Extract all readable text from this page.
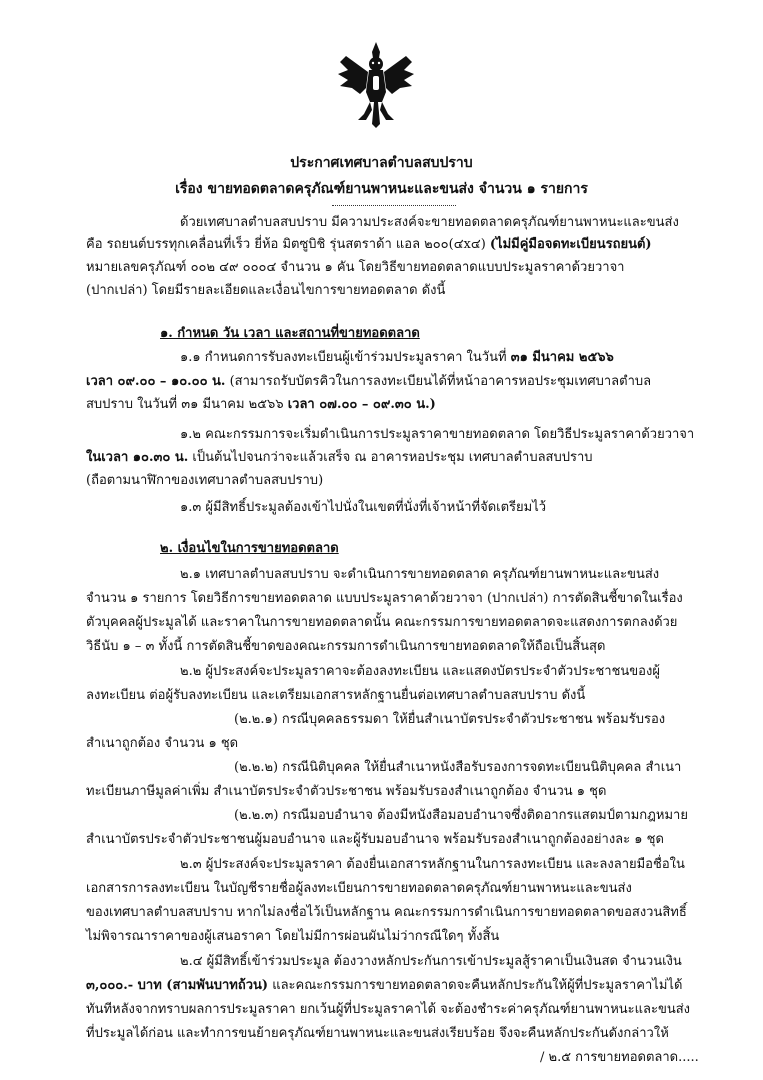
ประกาศเทศบาลตำบลสบปราบ
เรื่อง ขายทอดตลาดครุภัณฑ์ยานพาหนะและขนส่ง จำนวน ๑ รายการ
ด้วยเทศบาลตำบลสบปราบ มีความประสงค์จะขายทอดตลาดครุภัณฑ์ยานพาหนะและขนส่ง
คือ รถยนต์บรรทุกเคลื่อนที่เร็ว ยี่ห้อ มิตซูบิชิ รุ่นสตราด้า แอล ๒๐๐(๔x๔) (ไม่มีคู่มือจดทะเบียนรถยนต์)
หมายเลขครุภัณฑ์ ๐๐๒ ๔๙ ๐๐๐๔ จำนวน ๑ คัน โดยวิธีขายทอดตลาดแบบประมูลราคาด้วยวาจา
(ปากเปล่า) โดยมีรายละเอียดและเงื่อนไขการขายทอดตลาด ดังนี้
๑. กำหนด วัน เวลา และสถานที่ขายทอดตลาด
๑.๑ กำหนดการรับลงทะเบียนผู้เข้าร่วมประมูลราคา ในวันที่ ๓๑ มีนาคม ๒๕๖๖
เวลา ๐๙.๐๐ – ๑๐.๐๐ น. (สามารถรับบัตรคิวในการลงทะเบียนได้ที่หน้าอาคารหอประชุมเทศบาลตำบล
สบปราบ ในวันที่ ๓๑ มีนาคม ๒๕๖๖ เวลา ๐๗.๐๐ – ๐๙.๓๐ น.)
๑.๒ คณะกรรมการจะเริ่มดำเนินการประมูลราคาขายทอดตลาด โดยวิธีประมูลราคาด้วยวาจา
ในเวลา ๑๐.๓๐ น. เป็นต้นไปจนกว่าจะแล้วเสร็จ ณ อาคารหอประชุม เทศบาลตำบลสบปราบ
(ถือตามนาฬิกาของเทศบาลตำบลสบปราบ)
๑.๓ ผู้มีสิทธิ์ประมูลต้องเข้าไปนั่งในเขตที่นั่งที่เจ้าหน้าที่จัดเตรียมไว้
๒. เงื่อนไขในการขายทอดตลาด
๒.๑ เทศบาลตำบลสบปราบ จะดำเนินการขายทอดตลาด ครุภัณฑ์ยานพาหนะและขนส่ง
จำนวน ๑ รายการ โดยวิธีการขายทอดตลาด แบบประมูลราคาด้วยวาจา (ปากเปล่า) การตัดสินชี้ขาดในเรื่อง
ตัวบุคคลผู้ประมูลได้ และราคาในการขายทอดตลาดนั้น คณะกรรมการขายทอดตลาดจะแสดงการตกลงด้วย
วิธีนับ ๑ – ๓ ทั้งนี้ การตัดสินชี้ขาดของคณะกรรมการดำเนินการขายทอดตลาดให้ถือเป็นสิ้นสุด
๒.๒ ผู้ประสงค์จะประมูลราคาจะต้องลงทะเบียน และแสดงบัตรประจำตัวประชาชนของผู้
ลงทะเบียน ต่อผู้รับลงทะเบียน และเตรียมเอกสารหลักฐานยื่นต่อเทศบาลตำบลสบปราบ ดังนี้
(๒.๒.๑) กรณีบุคคลธรรมดา ให้ยื่นสำเนาบัตรประจำตัวประชาชน พร้อมรับรอง
สำเนาถูกต้อง จำนวน ๑ ชุด
(๒.๒.๒) กรณีนิติบุคคล ให้ยื่นสำเนาหนังสือรับรองการจดทะเบียนนิติบุคคล สำเนา
ทะเบียนภาษีมูลค่าเพิ่ม สำเนาบัตรประจำตัวประชาชน พร้อมรับรองสำเนาถูกต้อง จำนวน ๑ ชุด
(๒.๒.๓) กรณีมอบอำนาจ ต้องมีหนังสือมอบอำนาจซึ่งติดอากรแสตมป์ตามกฎหมาย
สำเนาบัตรประจำตัวประชาชนผู้มอบอำนาจ และผู้รับมอบอำนาจ พร้อมรับรองสำเนาถูกต้องอย่างละ ๑ ชุด
๒.๓ ผู้ประสงค์จะประมูลราคา ต้องยื่นเอกสารหลักฐานในการลงทะเบียน และลงลายมือชื่อใน
เอกสารการลงทะเบียน ในบัญชีรายชื่อผู้ลงทะเบียนการขายทอดตลาดครุภัณฑ์ยานพาหนะและขนส่ง
ของเทศบาลตำบลสบปราบ หากไม่ลงชื่อไว้เป็นหลักฐาน คณะกรรมการดำเนินการขายทอดตลาดขอสงวนสิทธิ์
ไม่พิจารณาราคาของผู้เสนอราคา โดยไม่มีการผ่อนผันไม่ว่ากรณีใดๆ ทั้งสิ้น
๒.๔ ผู้มีสิทธิ์เข้าร่วมประมูล ต้องวางหลักประกันการเข้าประมูลสู้ราคาเป็นเงินสด จำนวนเงิน
๓,๐๐๐.- บาท (สามพันบาทถ้วน) และคณะกรรมการขายทอดตลาดจะคืนหลักประกันให้ผู้ที่ประมูลราคาไม่ได้
ทันทีหลังจากทราบผลการประมูลราคา ยกเว้นผู้ที่ประมูลราคาได้ จะต้องชำระค่าครุภัณฑ์ยานพาหนะและขนส่ง
ที่ประมูลได้ก่อน และทำการขนย้ายครุภัณฑ์ยานพาหนะและขนส่งเรียบร้อย จึงจะคืนหลักประกันดังกล่าวให้
/ ๒.๕ การขายทอดตลาด.....
